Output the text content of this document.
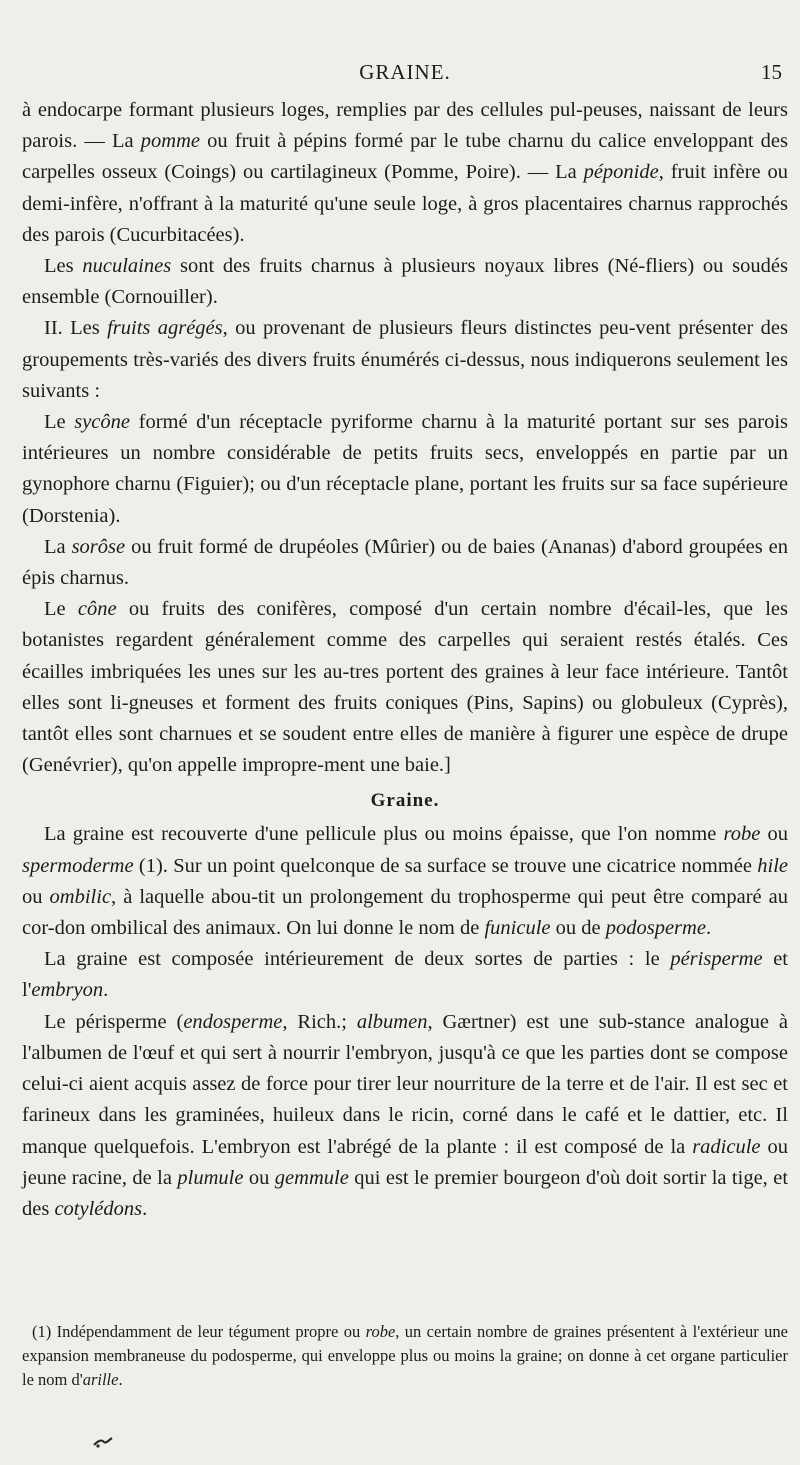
GRAINE.	15

à endocarpe formant plusieurs loges, remplies par des cellules pul-peuses, naissant de leurs parois. — La pomme ou fruit à pépins formé par le tube charnu du calice enveloppant des carpelles osseux (Coings) ou cartilagineux (Pomme, Poire). — La péponide, fruit infère ou demi-infère, n'offrant à la maturité qu'une seule loge, à gros placentaires charnus rapprochés des parois (Cucurbitacées).

Les nuculaines sont des fruits charnus à plusieurs noyaux libres (Né-fliers) ou soudés ensemble (Cornouiller).

II. Les fruits agrégés, ou provenant de plusieurs fleurs distinctes peu-vent présenter des groupements très-variés des divers fruits énumérés ci-dessus, nous indiquerons seulement les suivants :

Le sycône formé d'un réceptacle pyriforme charnu à la maturité portant sur ses parois intérieures un nombre considérable de petits fruits secs, enveloppés en partie par un gynophore charnu (Figuier); ou d'un réceptacle plane, portant les fruits sur sa face supérieure (Dorstenia).

La sorôse ou fruit formé de drupéoles (Mûrier) ou de baies (Ananas) d'abord groupées en épis charnus.

Le cône ou fruits des conifères, composé d'un certain nombre d'écail-les, que les botanistes regardent généralement comme des carpelles qui seraient restés étalés. Ces écailles imbriquées les unes sur les au-tres portent des graines à leur face intérieure. Tantôt elles sont li-gneuses et forment des fruits coniques (Pins, Sapins) ou globuleux (Cyprès), tantôt elles sont charnues et se soudent entre elles de manière à figurer une espèce de drupe (Genévrier), qu'on appelle impropre-ment une baie.]

Graine.

La graine est recouverte d'une pellicule plus ou moins épaisse, que l'on nomme robe ou spermoderme (1). Sur un point quelconque de sa surface se trouve une cicatrice nommée hile ou ombilic, à laquelle abou-tit un prolongement du trophosperme qui peut être comparé au cor-don ombilical des animaux. On lui donne le nom de funicule ou de podosperme.

La graine est composée intérieurement de deux sortes de parties : le périsperme et l'embryon.

Le périsperme (endosperme, Rich.; albumen, Gærtner) est une sub-stance analogue à l'albumen de l'œuf et qui sert à nourrir l'embryon, jusqu'à ce que les parties dont se compose celui-ci aient acquis assez de force pour tirer leur nourriture de la terre et de l'air. Il est sec et farineux dans les graminées, huileux dans le ricin, corné dans le café et le dattier, etc. Il manque quelquefois. L'embryon est l'abrégé de la plante : il est composé de la radicule ou jeune racine, de la plumule ou gemmule qui est le premier bourgeon d'où doit sortir la tige, et des cotylédons.

(1) Indépendamment de leur tégument propre ou robe, un certain nombre de graines présentent à l'extérieur une expansion membraneuse du podosperme, qui enveloppe plus ou moins la graine; on donne à cet organe particulier le nom d'arille.
